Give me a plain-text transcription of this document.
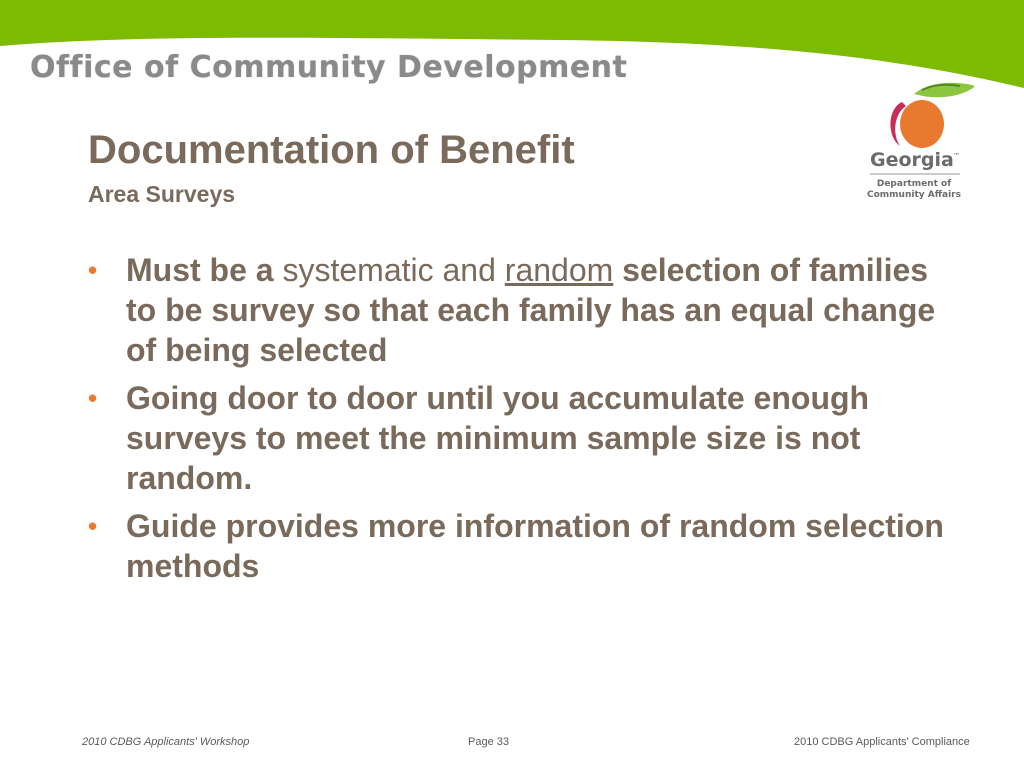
Office of Community Development
Documentation of Benefit
Area Surveys
Georgia ™
Department of
Community Affairs
• Must be a systematic and random selection of families to be survey so that each family has an equal change of being selected
• Going door to door until you accumulate enough surveys to meet the minimum sample size is not random.
• Guide provides more information of random selection methods
2010 CDBG Applicants' Workshop	Page 33	2010 CDBG Applicants' Compliance
